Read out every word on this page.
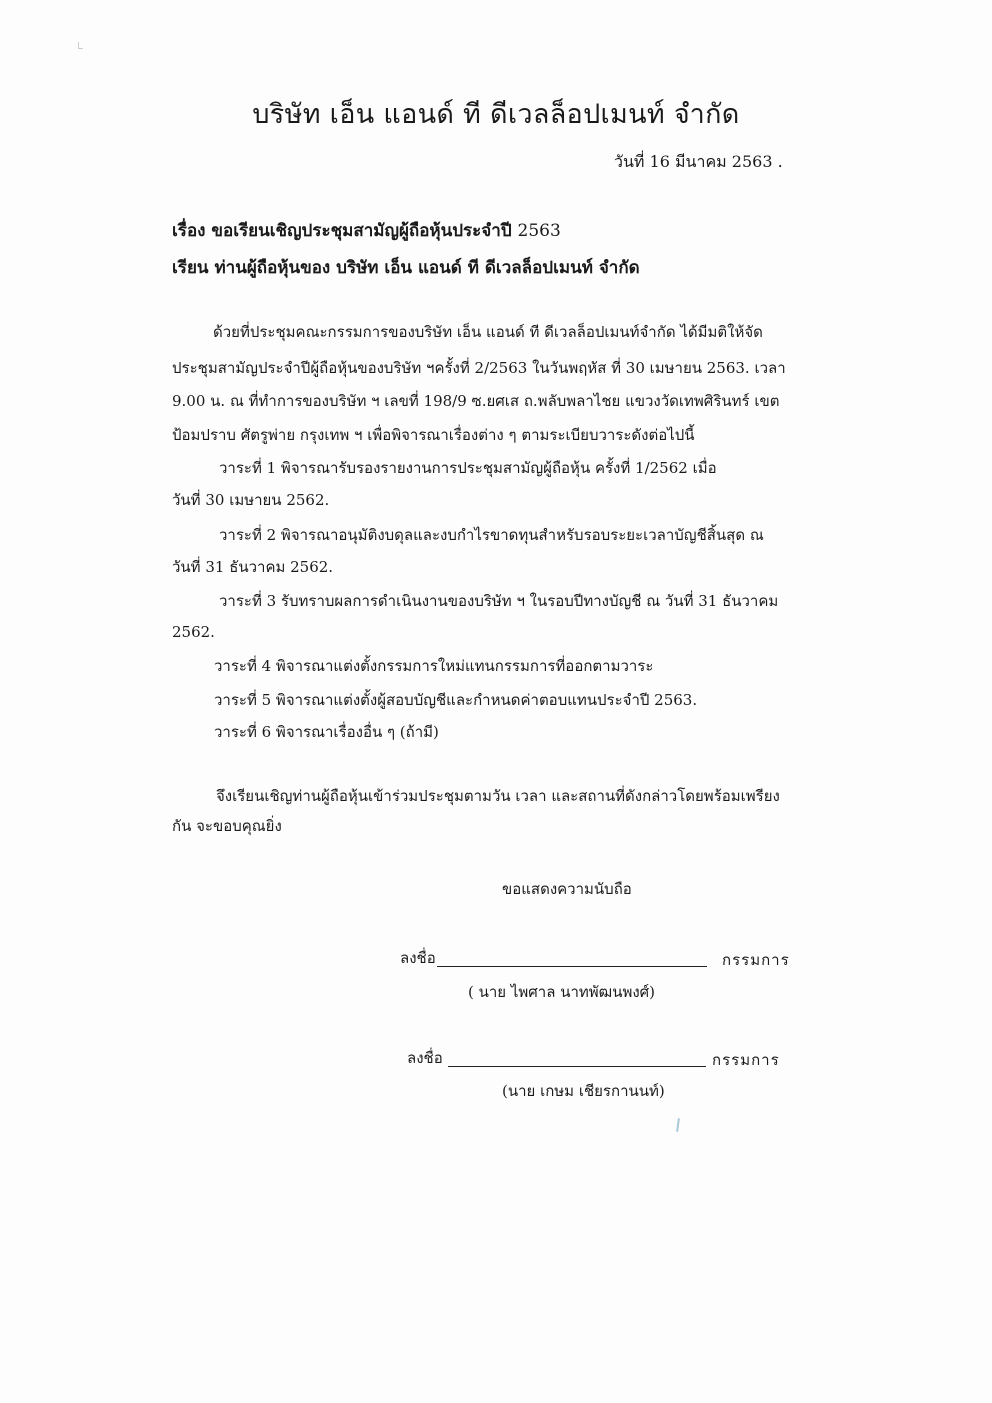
บริษัท เอ็น แอนด์ ที ดีเวลล็อปเมนท์ จำกัด
วันที่ 16 มีนาคม 2563 .
เรื่อง ขอเรียนเชิญประชุมสามัญผู้ถือหุ้นประจำปี 2563
เรียน ท่านผู้ถือหุ้นของ บริษัท เอ็น แอนด์ ที ดีเวลล็อปเมนท์ จำกัด
ด้วยที่ประชุมคณะกรรมการของบริษัท เอ็น แอนด์ ที ดีเวลล็อปเมนท์จำกัด ได้มีมติให้จัด
ประชุมสามัญประจำปีผู้ถือหุ้นของบริษัท ฯครั้งที่ 2/2563 ในวันพฤหัส ที่ 30 เมษายน 2563. เวลา
9.00 น. ณ ที่ทำการของบริษัท ฯ เลขที่ 198/9 ซ.ยศเส ถ.พลับพลาไชย แขวงวัดเทพศิรินทร์ เขต
ป้อมปราบ ศัตรูพ่าย กรุงเทพ ฯ เพื่อพิจารณาเรื่องต่าง ๆ ตามระเบียบวาระดังต่อไปนี้
วาระที่ 1 พิจารณารับรองรายงานการประชุมสามัญผู้ถือหุ้น ครั้งที่ 1/2562 เมื่อ
วันที่ 30 เมษายน 2562.
วาระที่ 2 พิจารณาอนุมัติงบดุลและงบกำไรขาดทุนสำหรับรอบระยะเวลาบัญชีสิ้นสุด ณ
วันที่ 31 ธันวาคม 2562.
วาระที่ 3 รับทราบผลการดำเนินงานของบริษัท ฯ ในรอบปีทางบัญชี ณ วันที่ 31 ธันวาคม
2562.
วาระที่ 4 พิจารณาแต่งตั้งกรรมการใหม่แทนกรรมการที่ออกตามวาระ
วาระที่ 5 พิจารณาแต่งตั้งผู้สอบบัญชีและกำหนดค่าตอบแทนประจำปี 2563.
วาระที่ 6 พิจารณาเรื่องอื่น ๆ (ถ้ามี)
จึงเรียนเชิญท่านผู้ถือหุ้นเข้าร่วมประชุมตามวัน เวลา และสถานที่ดังกล่าวโดยพร้อมเพรียง
กัน จะขอบคุณยิ่ง
ขอแสดงความนับถือ
ลงชื่อ	กรรมการ
( นาย ไพศาล นาทพัฒนพงศ์)
ลงชื่อ	กรรมการ
(นาย เกษม เชียรกานนท์)
